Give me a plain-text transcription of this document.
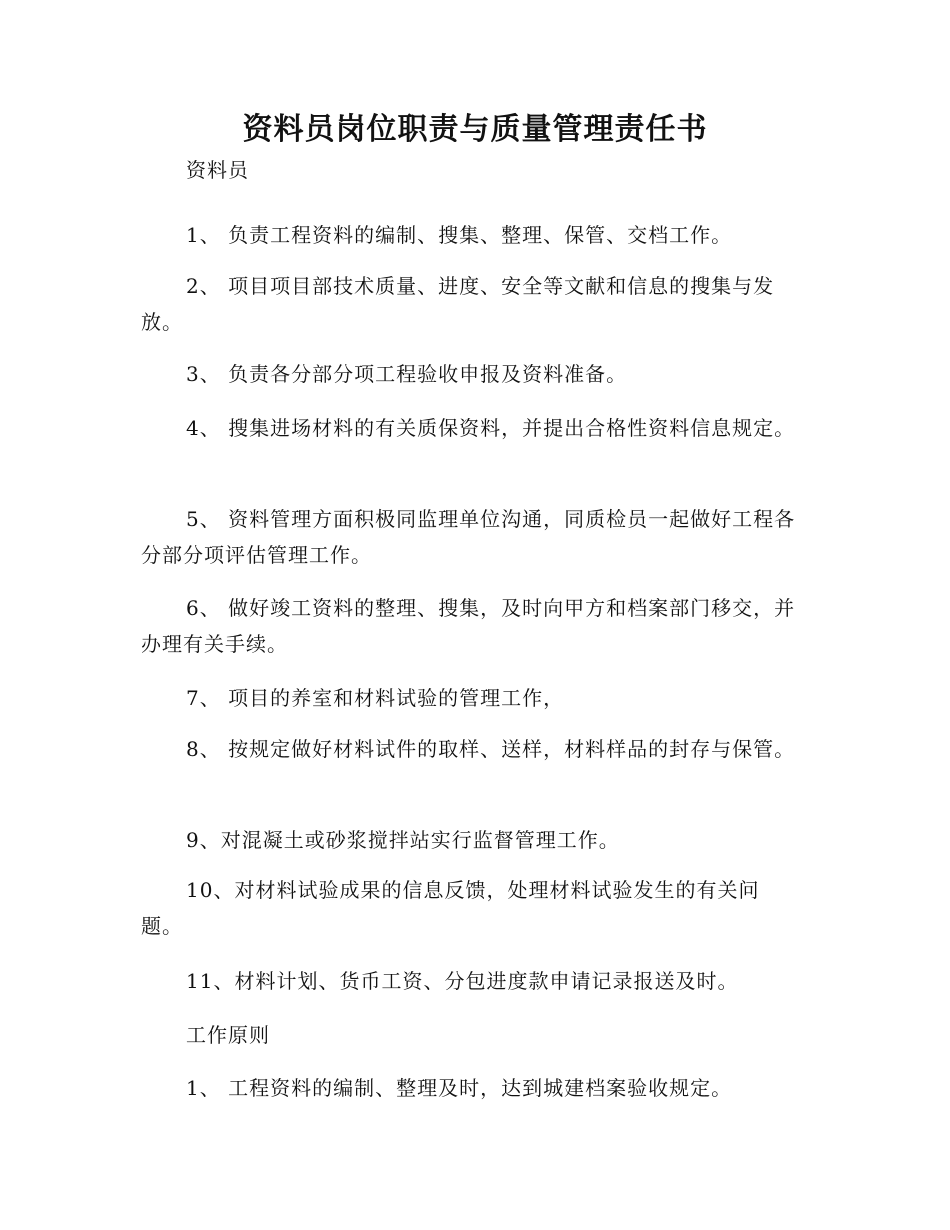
资料员岗位职责与质量管理责任书

资料员

1、 负责工程资料的编制、搜集、整理、保管、交档工作。

2、 项目项目部技术质量、进度、安全等文献和信息的搜集与发放。

3、 负责各分部分项工程验收申报及资料准备。

4、 搜集进场材料的有关质保资料，并提出合格性资料信息规定。

5、 资料管理方面积极同监理单位沟通，同质检员一起做好工程各分部分项评估管理工作。

6、 做好竣工资料的整理、搜集，及时向甲方和档案部门移交，并办理有关手续。

7、 项目的养室和材料试验的管理工作，

8、 按规定做好材料试件的取样、送样，材料样品的封存与保管。

9、对混凝土或砂浆搅拌站实行监督管理工作。

10、对材料试验成果的信息反馈，处理材料试验发生的有关问题。

11、材料计划、货币工资、分包进度款申请记录报送及时。

工作原则

1、 工程资料的编制、整理及时，达到城建档案验收规定。
